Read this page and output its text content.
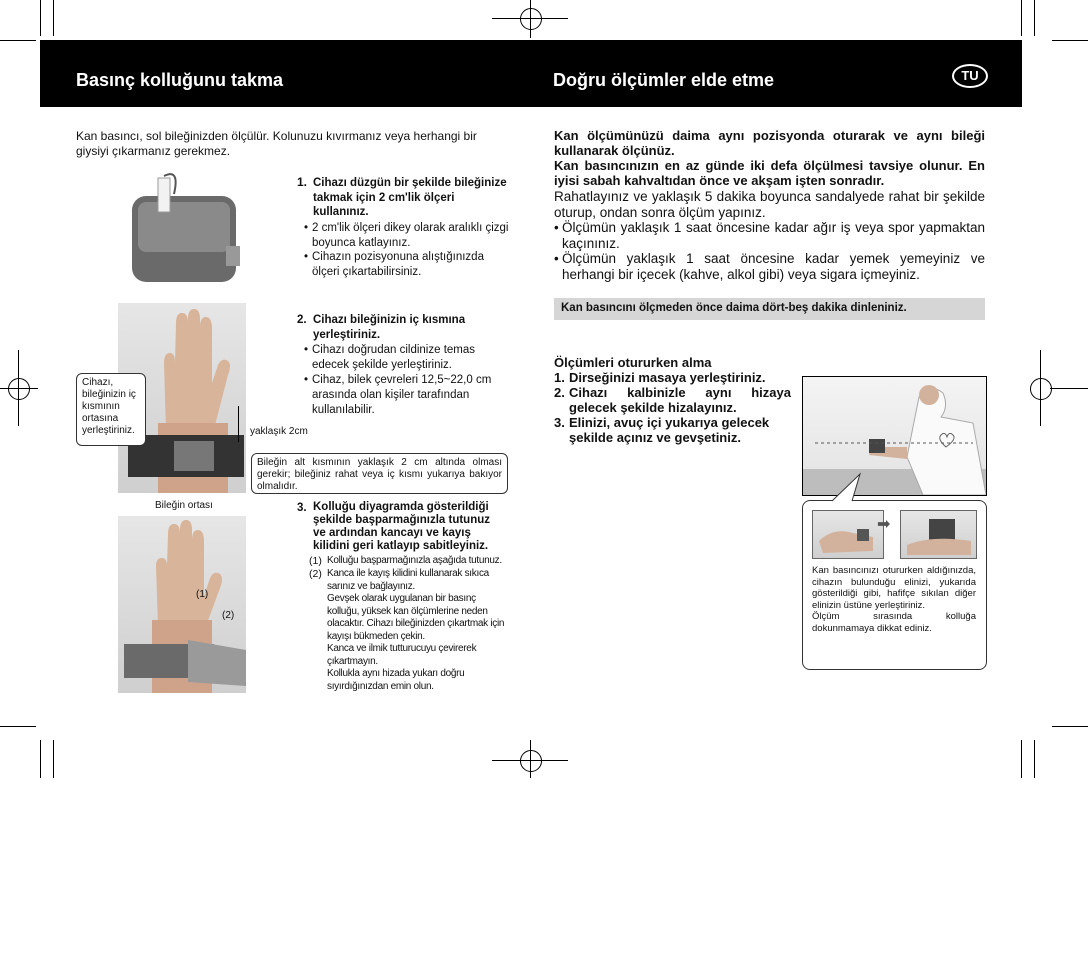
Basınç kolluğunu takma	Doğru ölçümler elde etme	TU
Kan basıncı, sol bileğinizden ölçülür. Kolunuzu kıvırmanız veya herhangi bir giysiyi çıkarmanız gerekmez.
1. Cihazı düzgün bir şekilde bileğinize takmak için 2 cm'lik ölçeri kullanınız.
• 2 cm'lik ölçeri dikey olarak aralıklı çizgi boyunca katlayınız.
• Cihazın pozisyonuna alıştığınızda ölçeri çıkartabilirsiniz.
Cihazı, bileğinizin iç kısmının ortasına yerleştiriniz.	yaklaşık 2cm
Bileğin alt kısmının yaklaşık 2 cm altında olması gerekir; bileğiniz rahat veya iç kısmı yukarıya bakıyor olmalıdır.
Bileğin ortası
2. Cihazı bileğinizin iç kısmına yerleştiriniz.
• Cihazı doğrudan cildinize temas edecek şekilde yerleştiriniz.
• Cihaz, bilek çevreleri 12,5~22,0 cm arasında olan kişiler tarafından kullanılabilir.
(1)
(2)
3. Kolluğu diyagramda gösterildiği şekilde başparmağınızla tutunuz ve ardından kancayı ve kayış kilidini geri katlayıp sabitleyiniz.
(1) Kolluğu başparmağınızla aşağıda tutunuz.
(2) Kanca ile kayış kilidini kullanarak sıkıca sarınız ve bağlayınız.
Gevşek olarak uygulanan bir basınç kolluğu, yüksek kan ölçümlerine neden olacaktır. Cihazı bileğinizden çıkartmak için kayışı bükmeden çekin.
Kanca ve ilmik tutturucuyu çevirerek çıkartmayın.
Kollukla aynı hizada yukarı doğru sıyırdığınızdan emin olun.
Kan ölçümünüzü daima aynı pozisyonda oturarak ve aynı bileği kullanarak ölçünüz.
Kan basıncınızın en az günde iki defa ölçülmesi tavsiye olunur. En iyisi sabah kahvaltıdan önce ve akşam işten sonradır.
Rahatlayınız ve yaklaşık 5 dakika boyunca sandalyede rahat bir şekilde oturup, ondan sonra ölçüm yapınız.
• Ölçümün yaklaşık 1 saat öncesine kadar ağır iş veya spor yapmaktan kaçınınız.
• Ölçümün yaklaşık 1 saat öncesine kadar yemek yemeyiniz ve herhangi bir içecek (kahve, alkol gibi) veya sigara içmeyiniz.
Kan basıncını ölçmeden önce daima dört-beş dakika dinleniniz.
Ölçümleri otururken alma
1. Dirseğinizi masaya yerleştiriniz.
2. Cihazı kalbinizle aynı hizaya gelecek şekilde hizalayınız.
3. Elinizi, avuç içi yukarıya gelecek şekilde açınız ve gevşetiniz.
➡
Kan basıncınızı otururken aldığınızda, cihazın bulunduğu elinizi, yukarıda gösterildiği gibi, hafifçe sıkılan diğer elinizin üstüne yerleştiriniz.
Ölçüm sırasında kolluğa dokunmamaya dikkat ediniz.
